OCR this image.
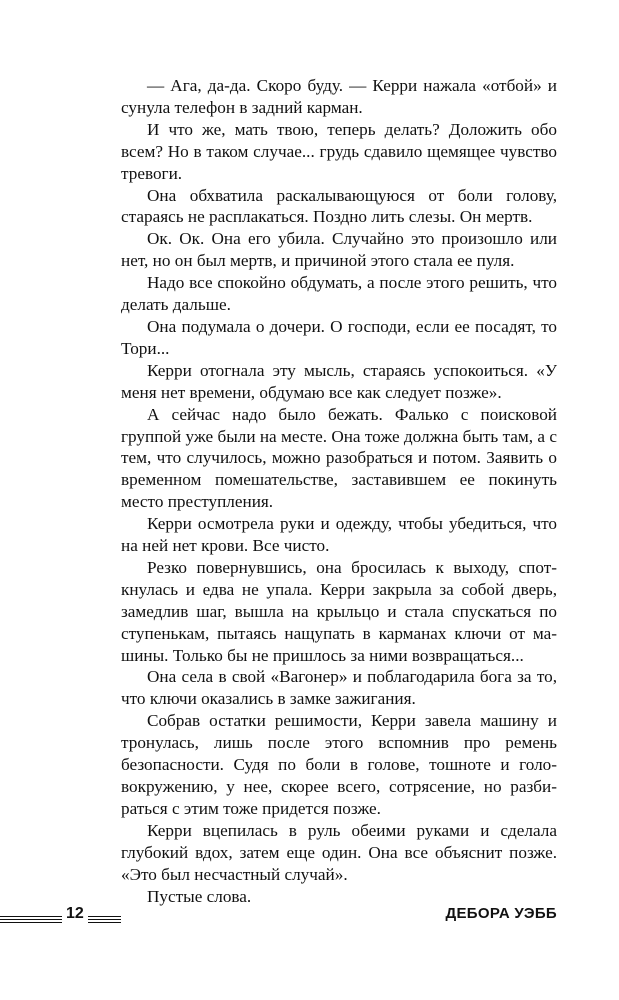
— Ага, да-да. Скоро буду. — Керри нажала «отбой» и сунула телефон в задний карман.

И что же, мать твою, теперь делать? Доложить обо всем? Но в таком случае... грудь сдавило щемящее чувство тревоги.

Она обхватила раскалывающуюся от боли голову, стараясь не расплакаться. Поздно лить слезы. Он мертв.

Ок. Ок. Она его убила. Случайно это произошло или нет, но он был мертв, и причиной этого стала ее пуля.

Надо все спокойно обдумать, а после этого решить, что делать дальше.

Она подумала о дочери. О господи, если ее посадят, то Тори...

Керри отогнала эту мысль, стараясь успокоиться. «У меня нет времени, обдумаю все как следует позже».

А сейчас надо было бежать. Фалько с поисковой группой уже были на месте. Она тоже должна быть там, а с тем, что случилось, можно разобраться и потом. Заявить о временном помешательстве, заставившем ее покинуть место преступления.

Керри осмотрела руки и одежду, чтобы убедиться, что на ней нет крови. Все чисто.

Резко повернувшись, она бросилась к выходу, споткнулась и едва не упала. Керри закрыла за собой дверь, замедлив шаг, вышла на крыльцо и стала спускаться по ступенькам, пытаясь нащупать в карманах ключи от машины. Только бы не пришлось за ними возвращаться...

Она села в свой «Вагонер» и поблагодарила бога за то, что ключи оказались в замке зажигания.

Собрав остатки решимости, Керри завела машину и тронулась, лишь после этого вспомнив про ремень безопасности. Судя по боли в голове, тошноте и головокружению, у нее, скорее всего, сотрясение, но разбираться с этим тоже придется позже.

Керри вцепилась в руль обеими руками и сделала глубокий вдох, затем еще один. Она все объяснит позже. «Это был несчастный случай».

Пустые слова.

12	ДЕБОРА УЭББ
